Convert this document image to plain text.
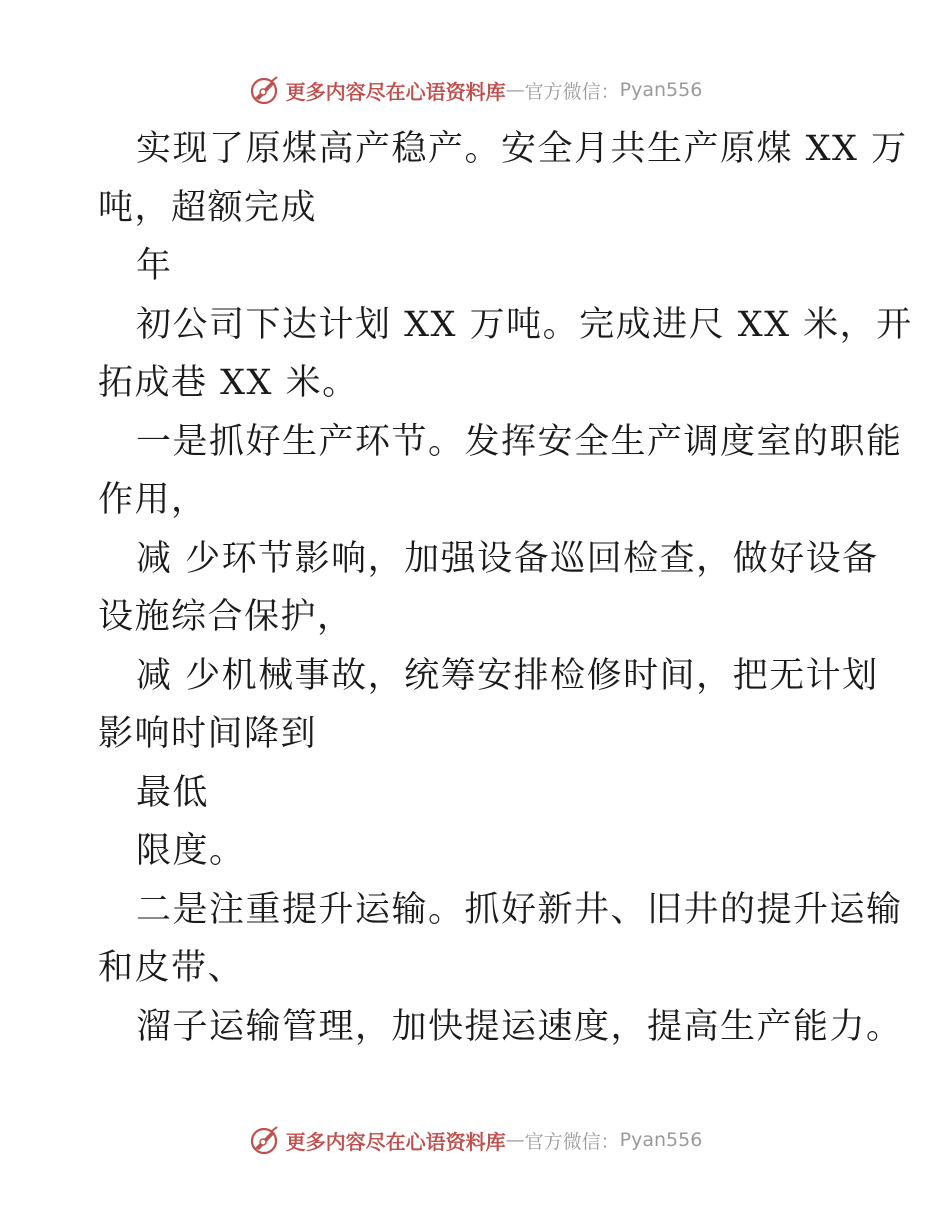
更多内容尽在心语资料库 — 官方微信： Pyan556
实现了原煤高产稳产。安全月共生产原煤 XX 万
吨，超额完成
年
初公司下达计划 XX 万吨。完成进尺 XX 米，开
拓成巷 XX 米。
一是抓好生产环节。发挥安全生产调度室的职能
作用，
减 少环节影响，加强设备巡回检查，做好设备
设施综合保护，
减 少机械事故，统筹安排检修时间，把无计划
影响时间降到
最低
限度。
二是注重提升运输。抓好新井、旧井的提升运输
和皮带、
溜子运输管理，加快提运速度，提高生产能力。
更多内容尽在心语资料库 — 官方微信： Pyan556
